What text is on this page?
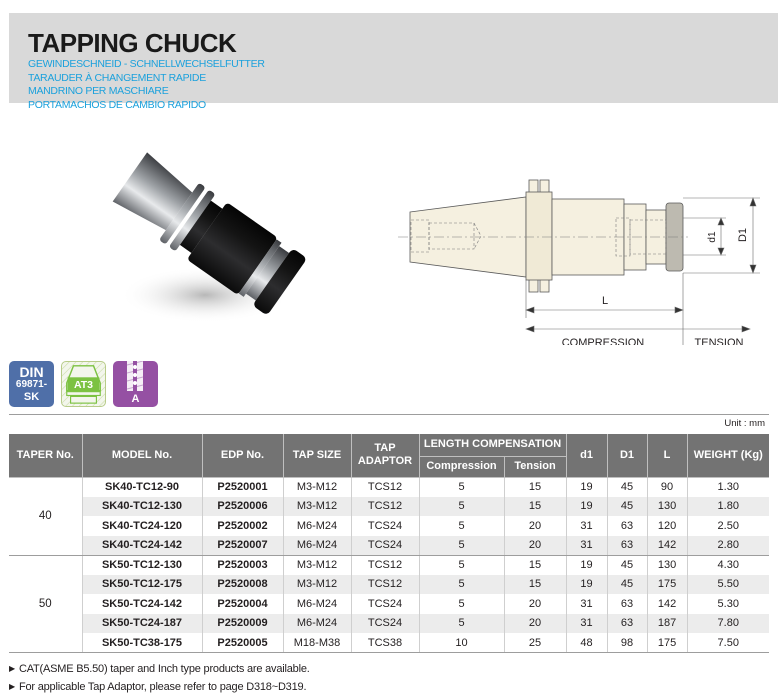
TAPPING CHUCK
GEWINDESCHNEID - SCHNELLWECHSELFUTTER
TARAUDER À CHANGEMENT RAPIDE
MANDRINO PER MASCHIARE
PORTAMACHOS DE CAMBIO RAPIDO
D1
d1
L
COMPRESSION	TENSION
DIN
69871-
SK
AT3
A
Unit : mm
TAPER No.	MODEL No.	EDP No.	TAP SIZE	TAP
ADAPTOR	LENGTH COMPENSATION		d1	D1	L	WEIGHT (Kg)
					Compression	Tension				
40	SK40-TC12-90	P2520001	M3-M12	TCS12	5	15	19	45	90	1.30
	SK40-TC12-130	P2520006	M3-M12	TCS12	5	15	19	45	130	1.80
	SK40-TC24-120	P2520002	M6-M24	TCS24	5	20	31	63	120	2.50
	SK40-TC24-142	P2520007	M6-M24	TCS24	5	20	31	63	142	2.80
50	SK50-TC12-130	P2520003	M3-M12	TCS12	5	15	19	45	130	4.30
	SK50-TC12-175	P2520008	M3-M12	TCS12	5	15	19	45	175	5.50
	SK50-TC24-142	P2520004	M6-M24	TCS24	5	20	31	63	142	5.30
	SK50-TC24-187	P2520009	M6-M24	TCS24	5	20	31	63	187	7.80
	SK50-TC38-175	P2520005	M18-M38	TCS38	10	25	48	98	175	7.50
▶ CAT(ASME B5.50) taper and Inch type products are available.
▶ For applicable Tap Adaptor, please refer to page D318~D319.
